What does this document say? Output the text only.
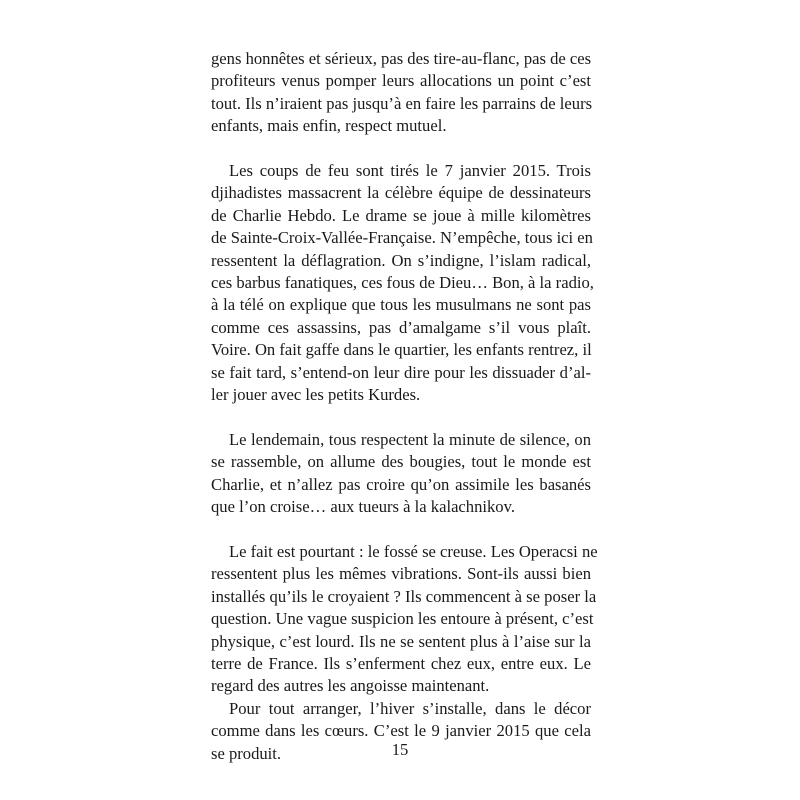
gens honnêtes et sérieux, pas des tire-au-flanc, pas de ces
profiteurs venus pomper leurs allocations un point c’est
tout. Ils n’iraient pas jusqu’à en faire les parrains de leurs
enfants, mais enfin, respect mutuel.

Les coups de feu sont tirés le 7 janvier 2015. Trois
djihadistes massacrent la célèbre équipe de dessinateurs
de Charlie Hebdo. Le drame se joue à mille kilomètres
de Sainte-Croix-Vallée-Française. N’empêche, tous ici en
ressentent la déflagration. On s’indigne, l’islam radical,
ces barbus fanatiques, ces fous de Dieu… Bon, à la radio,
à la télé on explique que tous les musulmans ne sont pas
comme ces assassins, pas d’amalgame s’il vous plaît.
Voire. On fait gaffe dans le quartier, les enfants rentrez, il
se fait tard, s’entend-on leur dire pour les dissuader d’al-
ler jouer avec les petits Kurdes.

Le lendemain, tous respectent la minute de silence, on
se rassemble, on allume des bougies, tout le monde est
Charlie, et n’allez pas croire qu’on assimile les basanés
que l’on croise… aux tueurs à la kalachnikov.

Le fait est pourtant : le fossé se creuse. Les Operacsi ne
ressentent plus les mêmes vibrations. Sont-ils aussi bien
installés qu’ils le croyaient ? Ils commencent à se poser la
question. Une vague suspicion les entoure à présent, c’est
physique, c’est lourd. Ils ne se sentent plus à l’aise sur la
terre de France. Ils s’enferment chez eux, entre eux. Le
regard des autres les angoisse maintenant.

Pour tout arranger, l’hiver s’installe, dans le décor
comme dans les cœurs. C’est le 9 janvier 2015 que cela
se produit.	15
